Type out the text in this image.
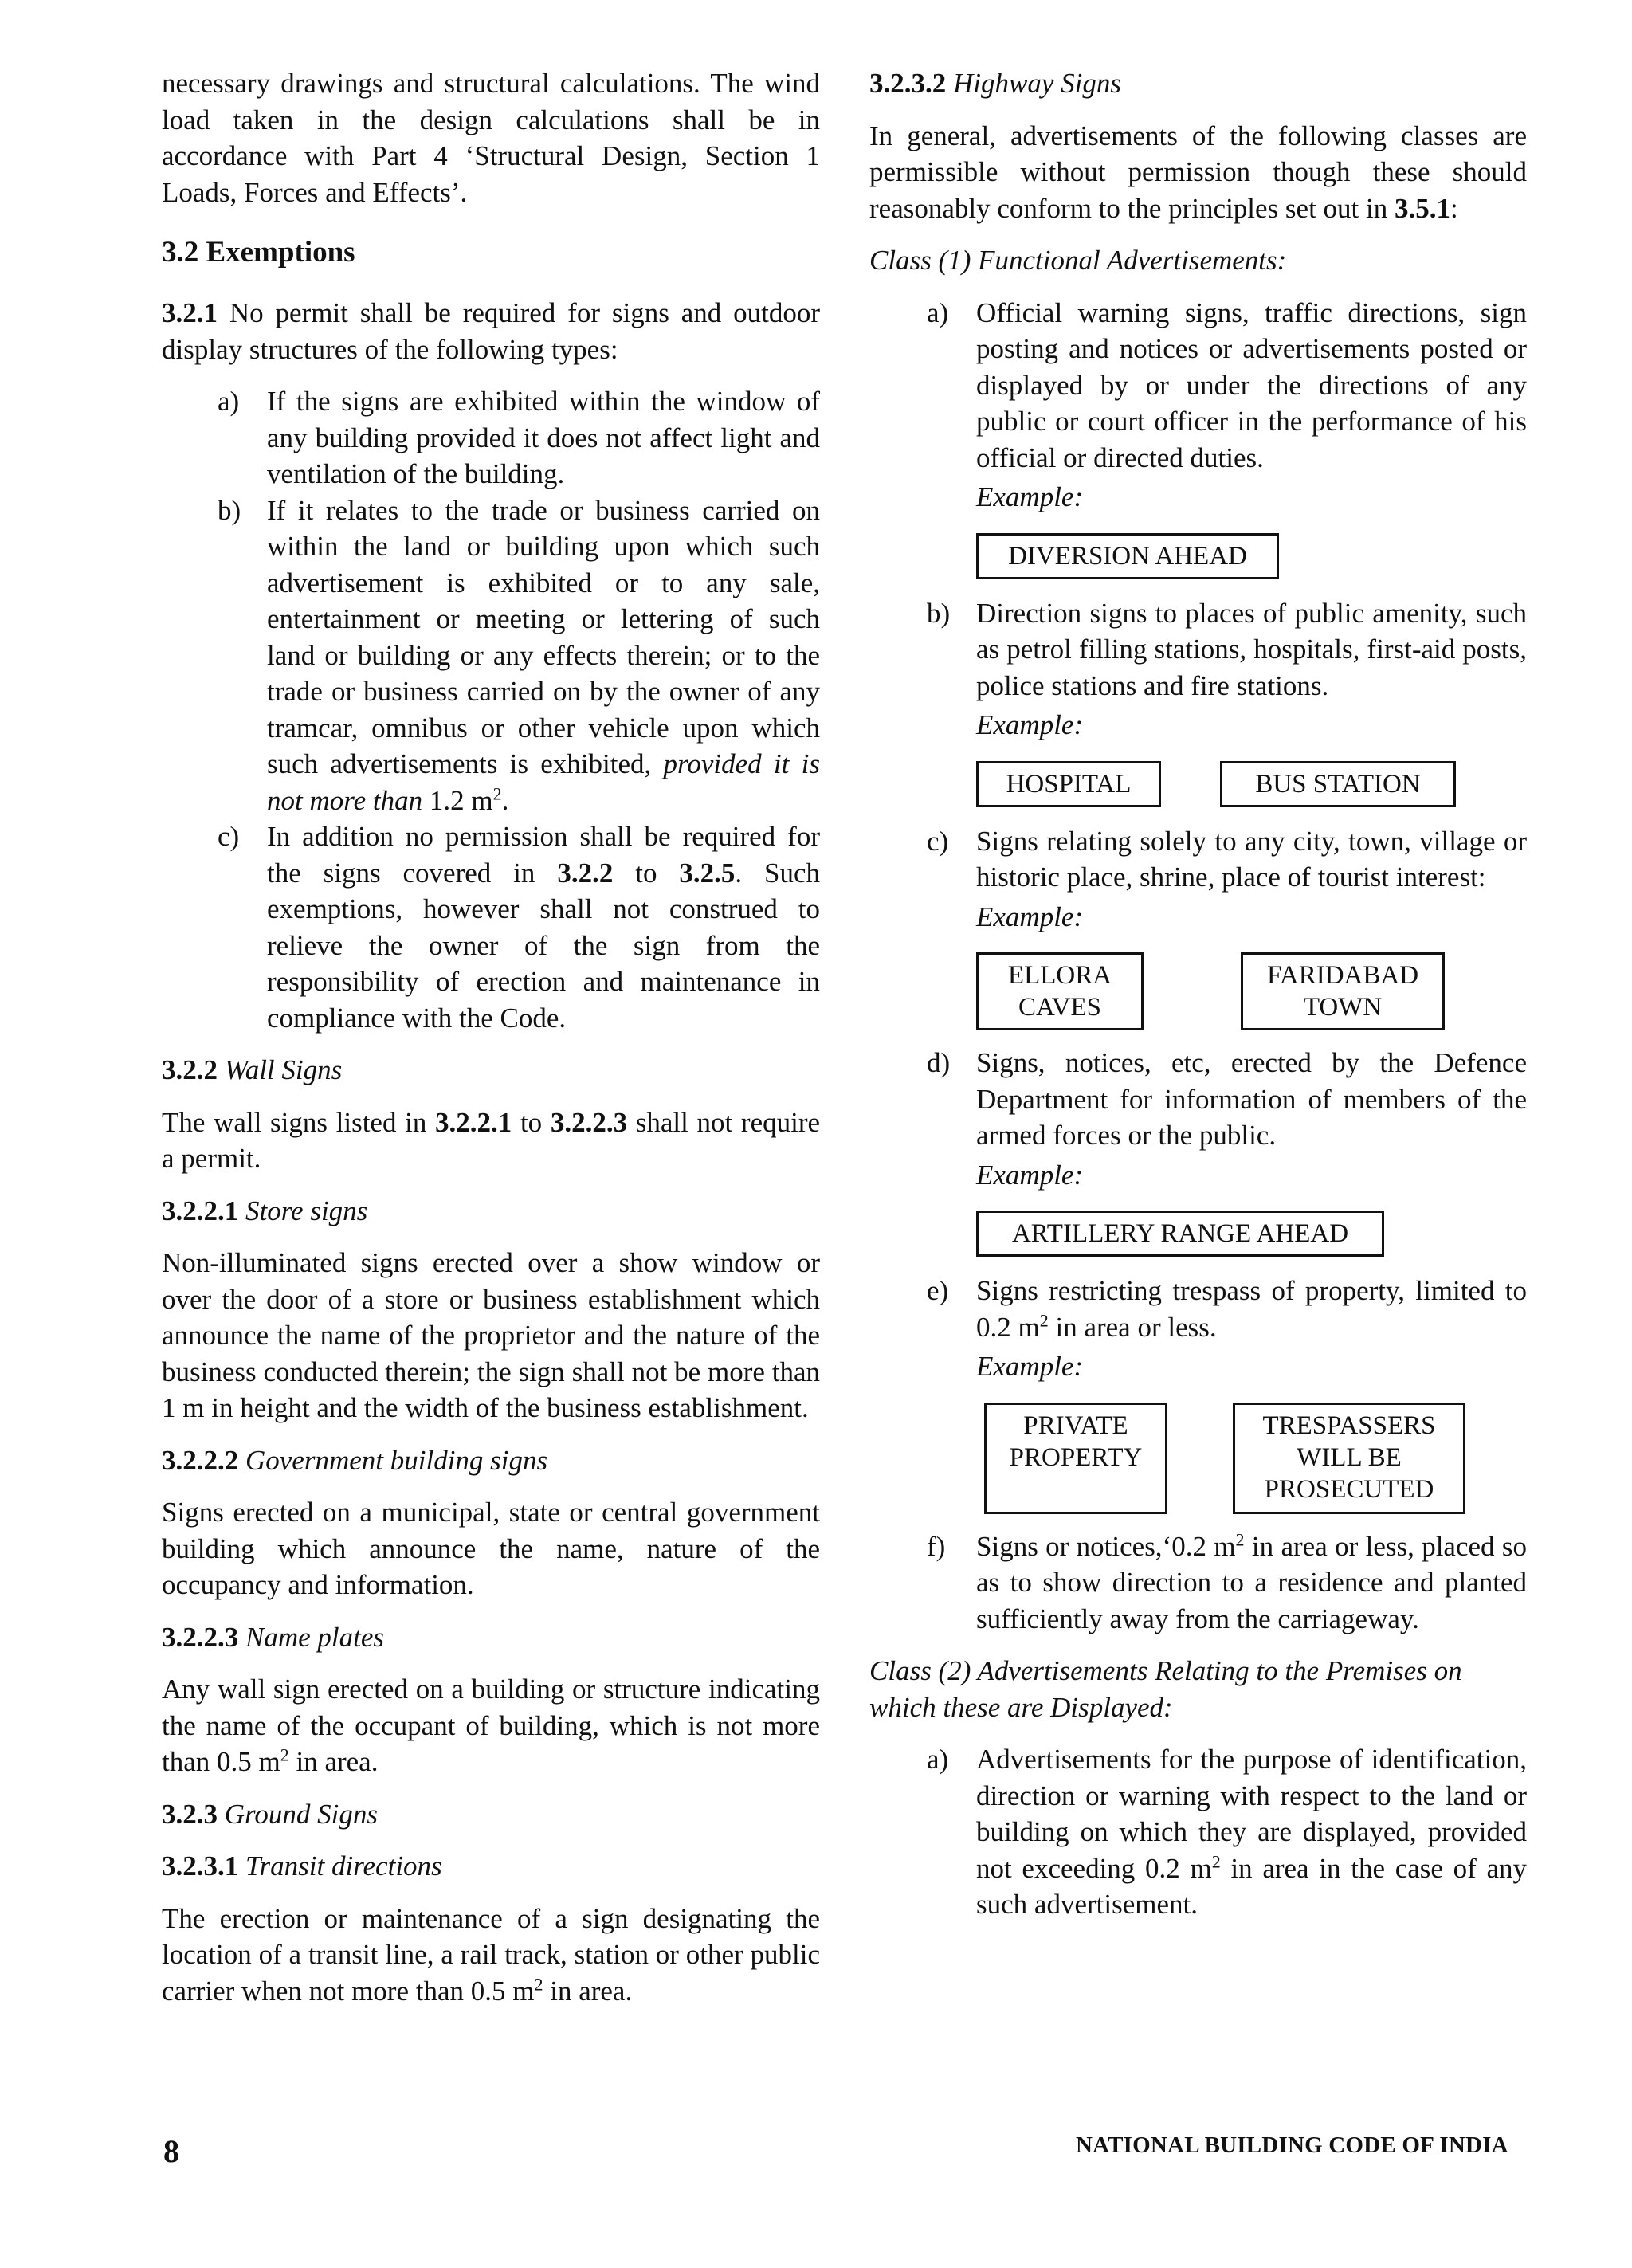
necessary drawings and structural calculations. The wind load taken in the design calculations shall be in accordance with Part 4 ‘Structural Design, Section 1 Loads, Forces and Effects’.

3.2 Exemptions

3.2.1 No permit shall be required for signs and outdoor display structures of the following types:

a) If the signs are exhibited within the window of any building provided it does not affect light and ventilation of the building.

b) If it relates to the trade or business carried on within the land or building upon which such advertisement is exhibited or to any sale, entertainment or meeting or lettering of such land or building or any effects therein; or to the trade or business carried on by the owner of any tramcar, omnibus or other vehicle upon which such advertisements is exhibited, provided it is not more than 1.2 $m^2$.

c) In addition no permission shall be required for the signs covered in 3.2.2 to 3.2.5. Such exemptions, however shall not construed to relieve the owner of the sign from the responsibility of erection and maintenance in compliance with the Code.

3.2.2 Wall Signs

The wall signs listed in 3.2.2.1 to 3.2.2.3 shall not require a permit.

3.2.2.1 Store signs

Non-illuminated signs erected over a show window or over the door of a store or business establishment which announce the name of the proprietor and the nature of the business conducted therein; the sign shall not be more than 1 m in height and the width of the business establishment.

3.2.2.2 Government building signs

Signs erected on a municipal, state or central government building which announce the name, nature of the occupancy and information.

3.2.2.3 Name plates

Any wall sign erected on a building or structure indicating the name of the occupant of building, which is not more than 0.5 $m^2$ in area.

3.2.3 Ground Signs

3.2.3.1 Transit directions

The erection or maintenance of a sign designating the location of a transit line, a rail track, station or other public carrier when not more than 0.5 $m^2$ in area.

3.2.3.2 Highway Signs

In general, advertisements of the following classes are permissible without permission though these should reasonably conform to the principles set out in 3.5.1:

Class (1) Functional Advertisements:

a) Official warning signs, traffic directions, sign posting and notices or advertisements posted or displayed by or under the directions of any public or court officer in the performance of his official or directed duties.

Example:

DIVERSION AHEAD
b) Direction signs to places of public amenity, such as petrol filling stations, hospitals, first-aid posts, police stations and fire stations.

Example:

HOSPITAL	BUS STATION
c) Signs relating solely to any city, town, village or historic place, shrine, place of tourist interest:

Example:

ELLORA CAVES
FARIDABAD TOWN
d) Signs, notices, etc, erected by the Defence Department for information of members of the armed forces or the public.

Example:

ARTILLERY RANGE AHEAD
e) Signs restricting trespass of property, limited to 0.2 $m^2$ in area or less.

Example:

PRIVATE PROPERTY
TRESPASSERS WILL BE PROSECUTED
f) Signs or notices,‘0.2 $m^2$ in area or less, placed so as to show direction to a residence and planted sufficiently away from the carriageway.

Class (2) Advertisements Relating to the Premises on which these are Displayed:

a) Advertisements for the purpose of identification, direction or warning with respect to the land or building on which they are displayed, provided not exceeding 0.2 $m^2$ in area in the case of any such advertisement.

8	NATIONAL BUILDING CODE OF INDIA
